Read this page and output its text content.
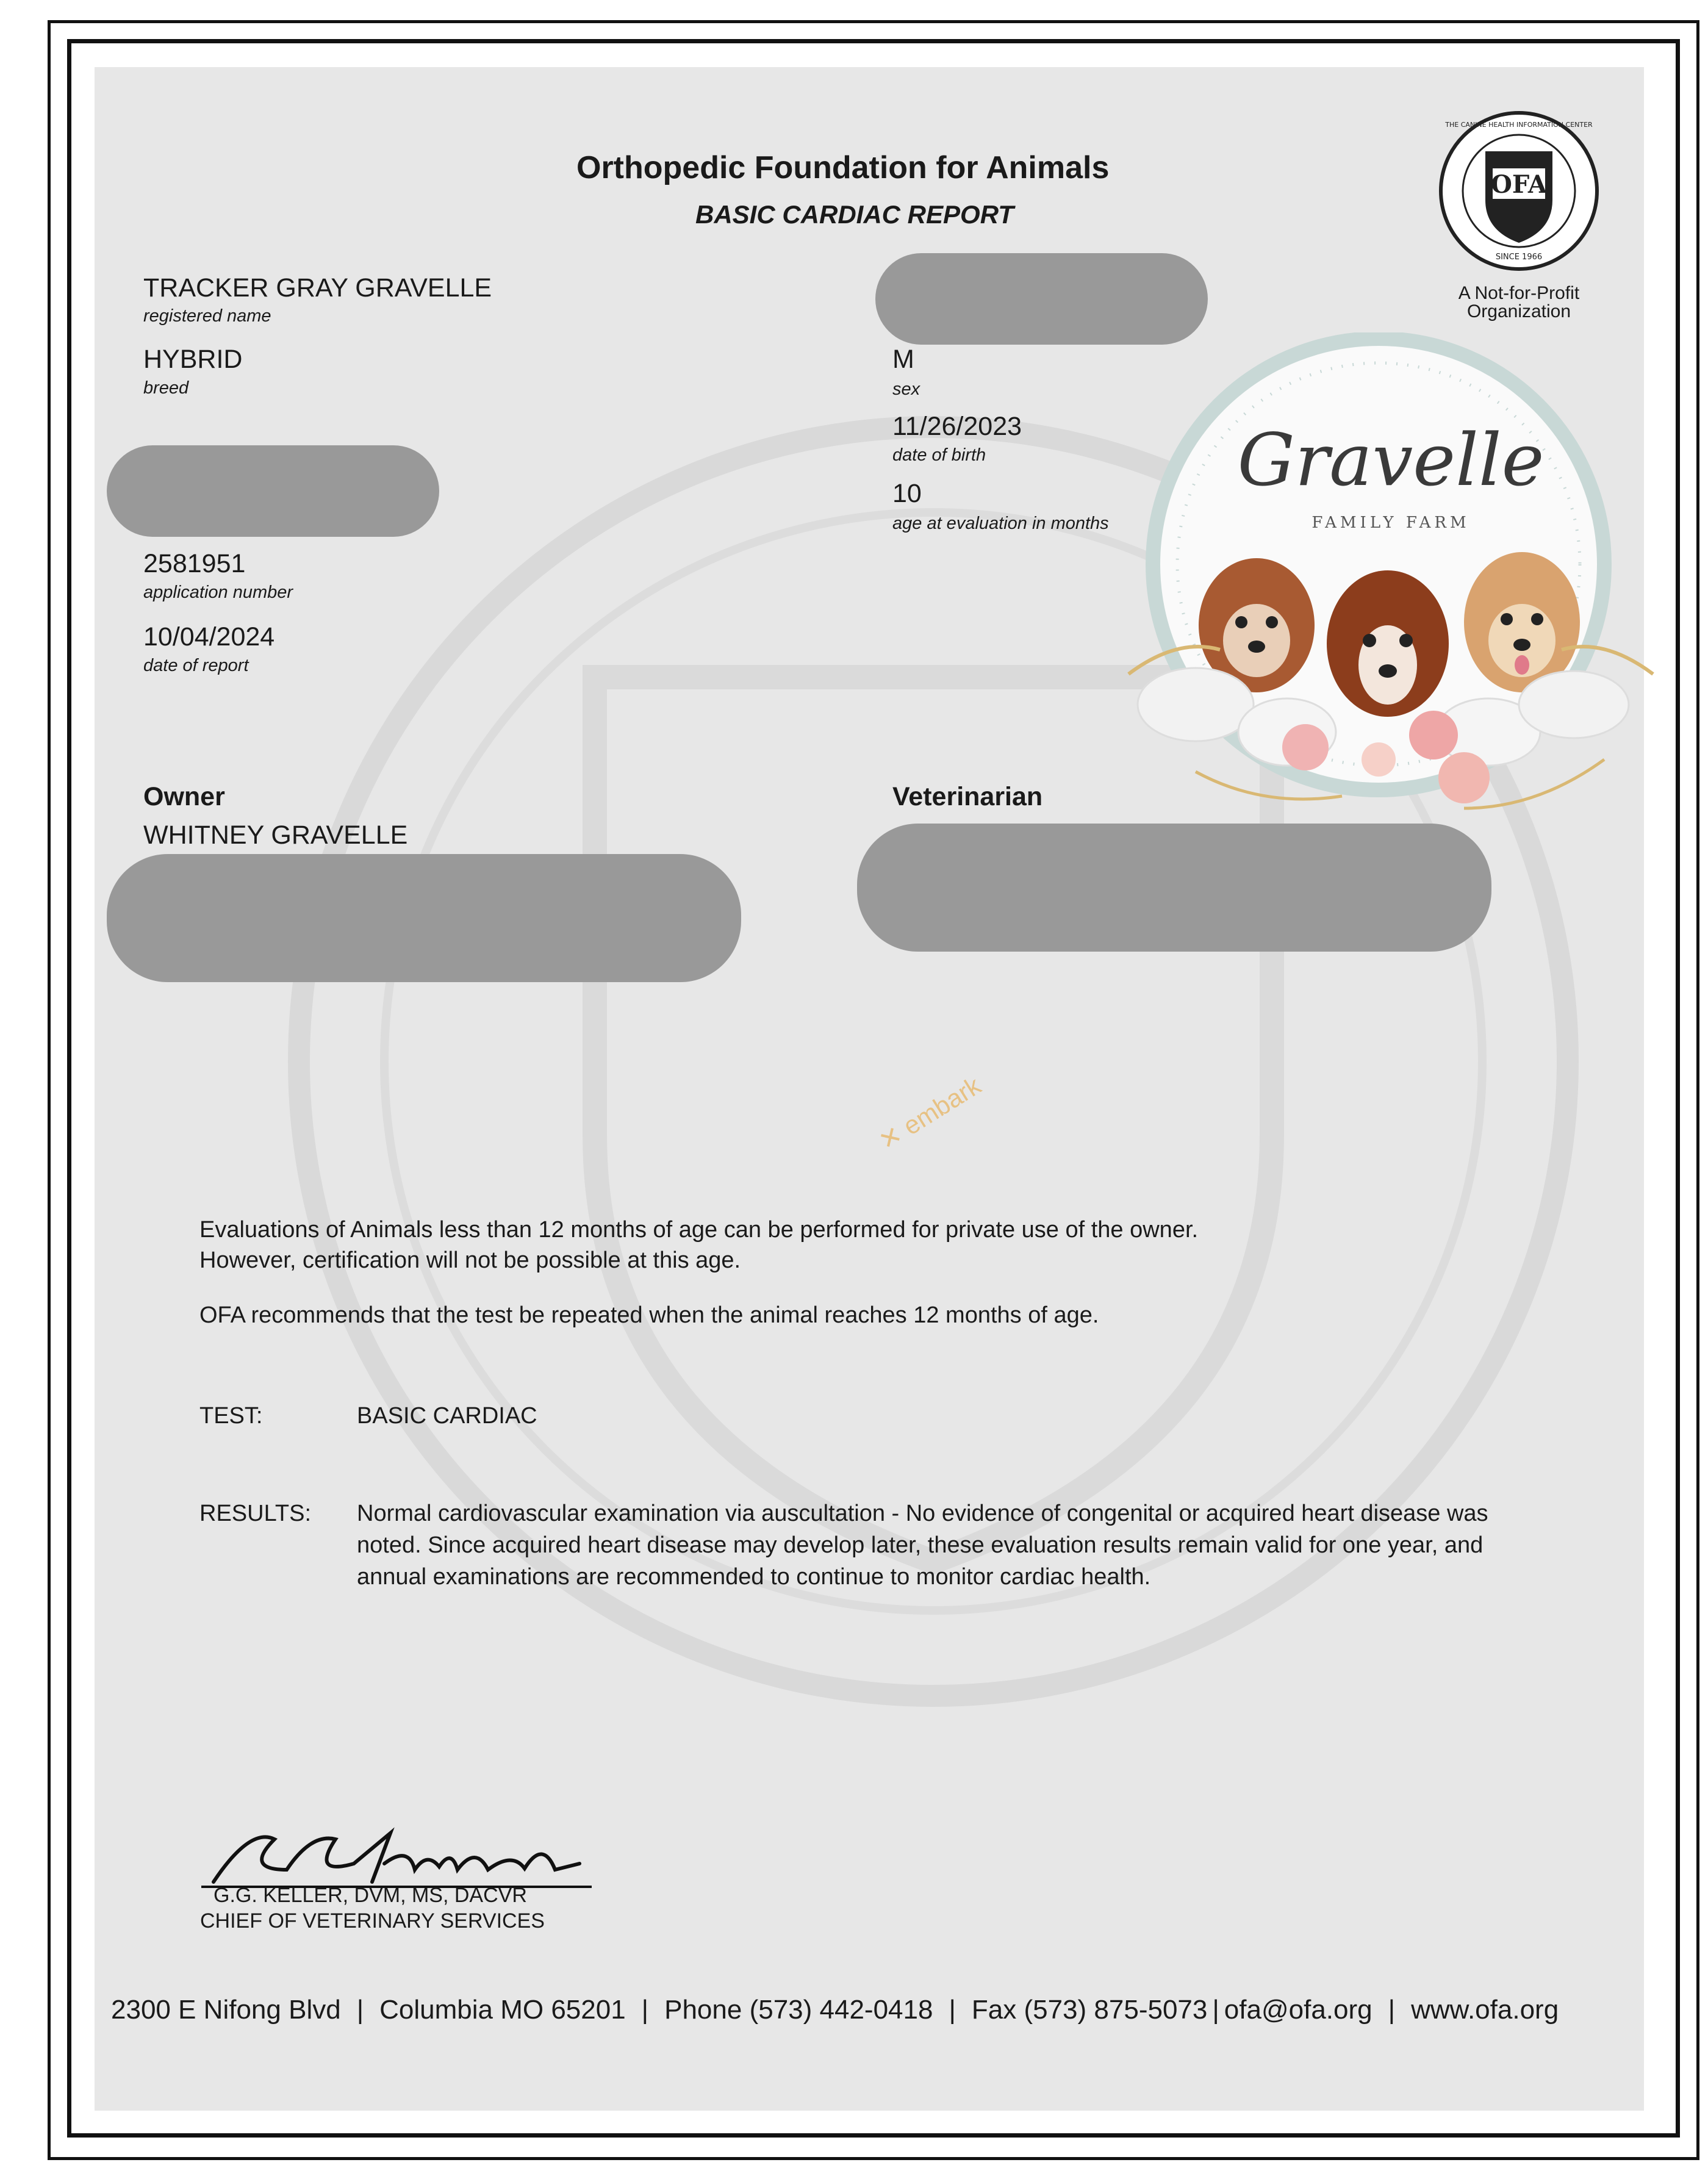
Orthopedic Foundation for Animals
BASIC CARDIAC REPORT
TRACKER GRAY GRAVELLE
registered name
HYBRID
breed
2581951
application number
10/04/2024
date of report
M
sex
11/26/2023
date of birth
10
age at evaluation in months
Owner
WHITNEY GRAVELLE
Veterinarian
✕ embark
Evaluations of Animals less than 12 months of age can be performed for private use of the owner.
However, certification will not be possible at this age.
OFA recommends that the test be repeated when the animal reaches 12 months of age.
TEST:	BASIC CARDIAC
RESULTS: Normal cardiovascular examination via auscultation - No evidence of congenital or acquired heart disease was
noted. Since acquired heart disease may develop later, these evaluation results remain valid for one year, and
annual examinations are recommended to continue to monitor cardiac health.
OFA
SINCE 1966
THE CANINE HEALTH INFORMATION CENTER
A Not-for-Profit
Organization
Gravelle
FAMILY FARM
G.G. KELLER, DVM, MS, DACVR
CHIEF OF VETERINARY SERVICES
2300 E Nifong Blvd | Columbia MO 65201 | Phone (573) 442-0418 | Fax (573) 875-5073 | ofa@ofa.org | www.ofa.org
